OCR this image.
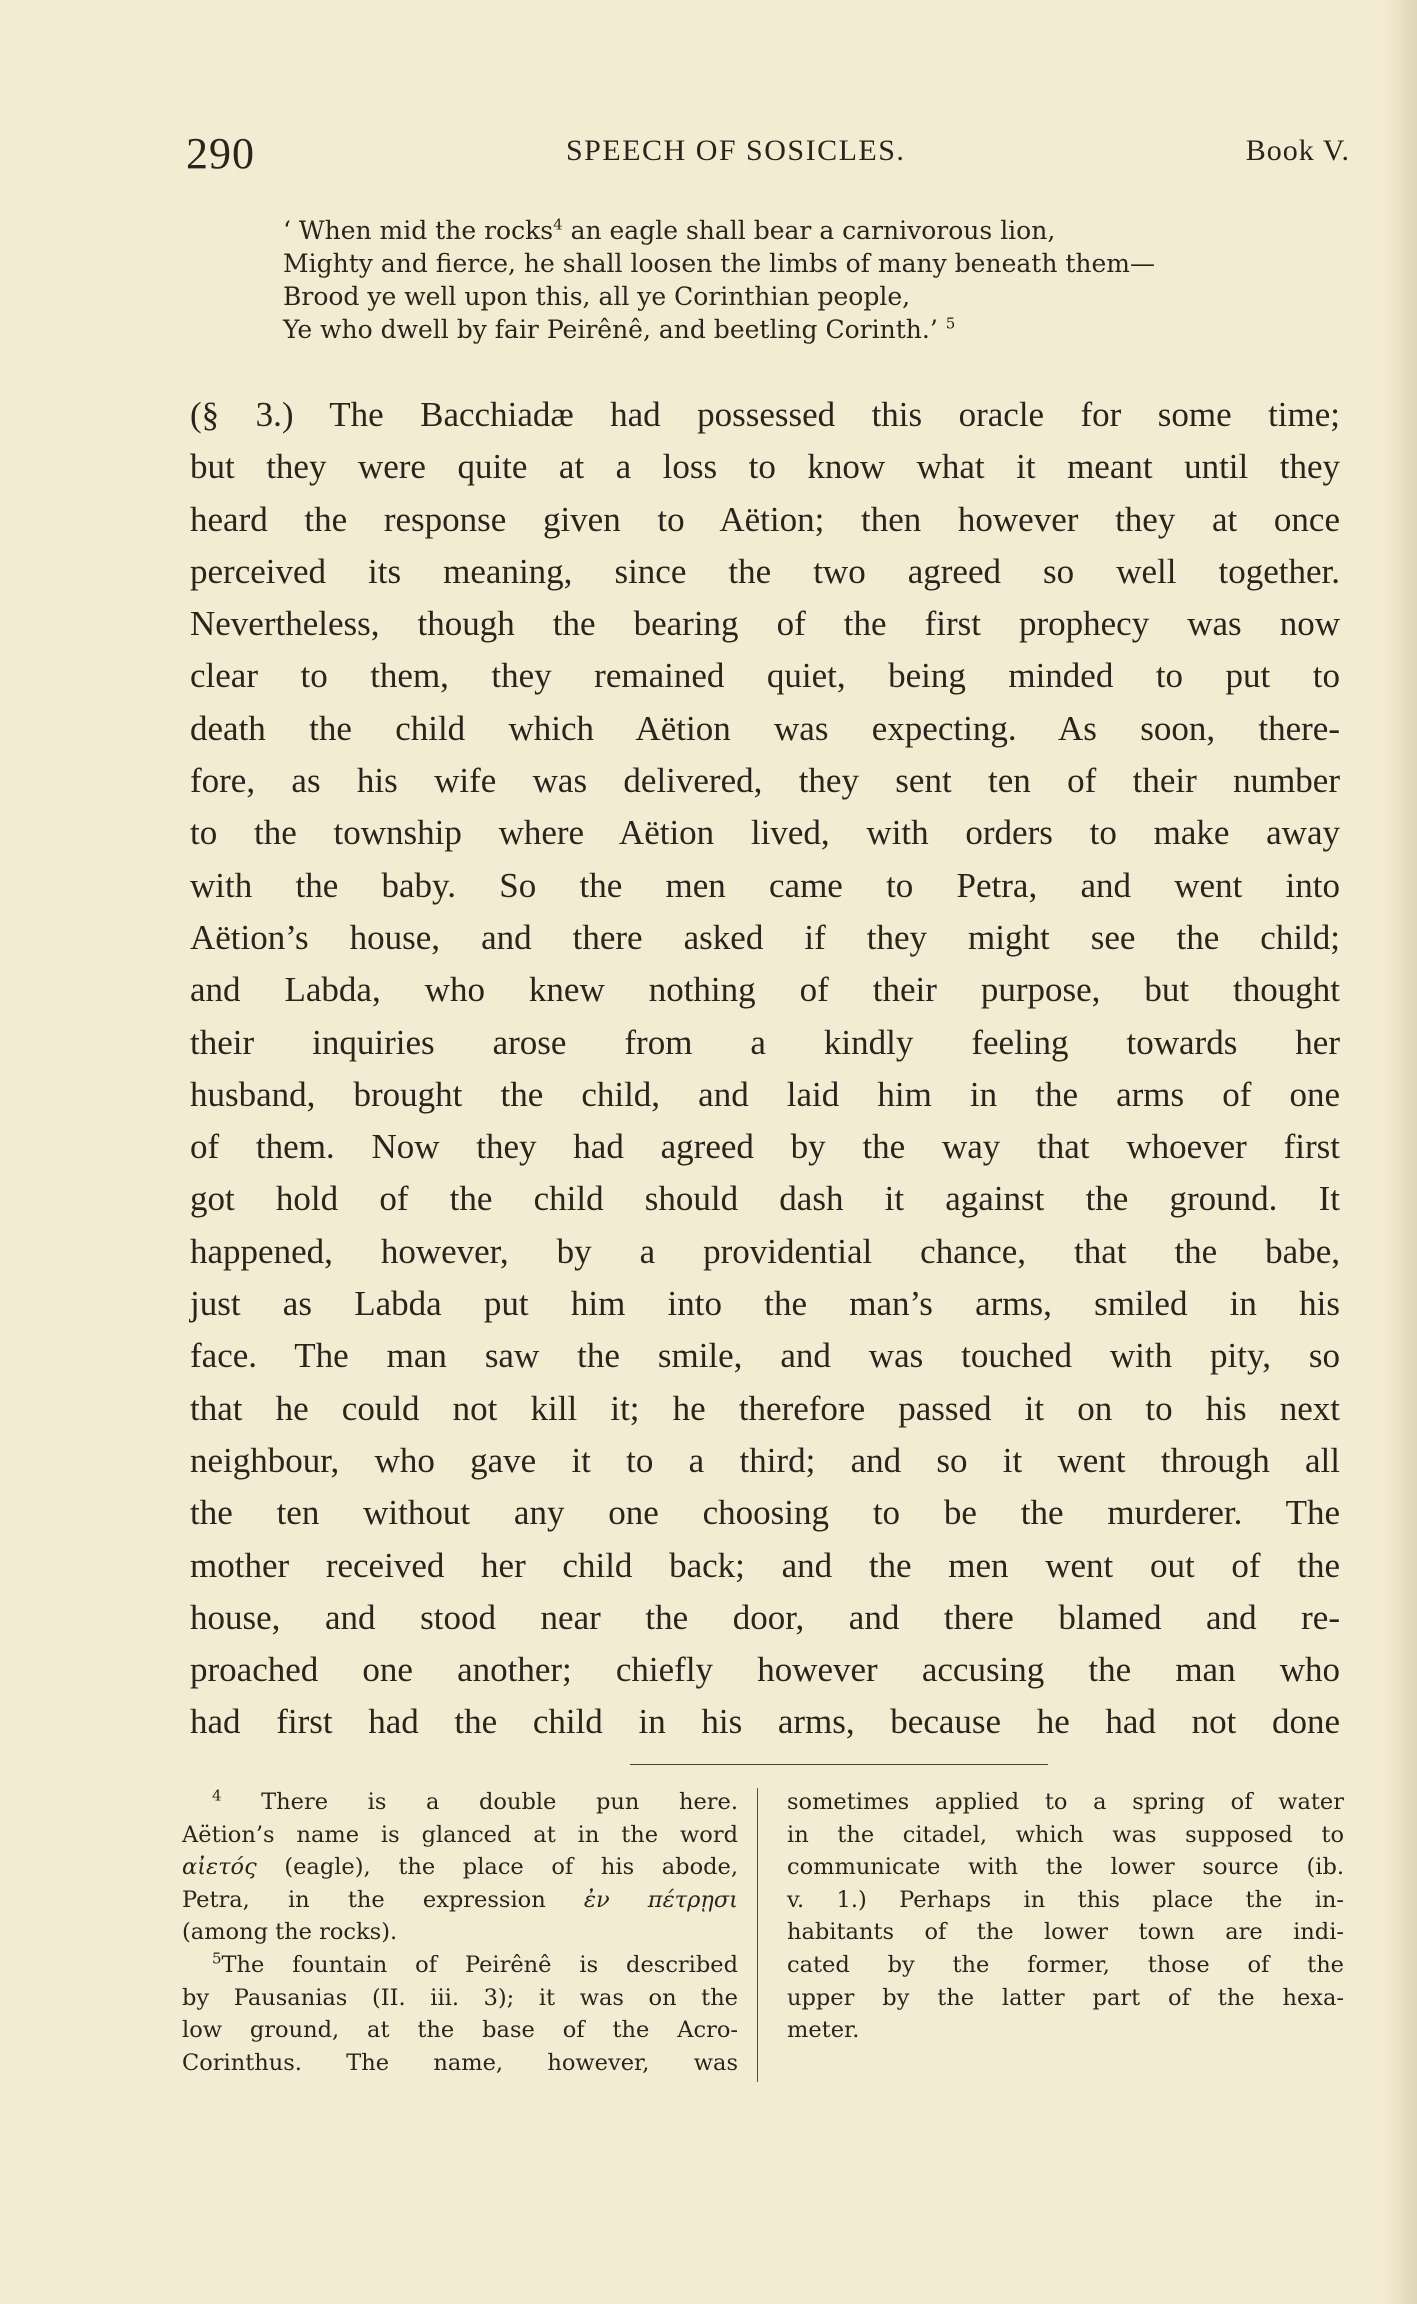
290	SPEECH OF SOSICLES.	Book V.
‘ When mid the rocks$^4$ an eagle shall bear a carnivorous lion,
Mighty and fierce, he shall loosen the limbs of many beneath them—
Brood ye well upon this, all ye Corinthian people,
Ye who dwell by fair Peirênê, and beetling Corinth.’ $^5$
(§ 3.) The Bacchiadæ had possessed this oracle for some time;
but they were quite at a loss to know what it meant until they
heard the response given to Aëtion; then however they at once
perceived its meaning, since the two agreed so well together.
Nevertheless, though the bearing of the first prophecy was now
clear to them, they remained quiet, being minded to put to
death the child which Aëtion was expecting. As soon, there-
fore, as his wife was delivered, they sent ten of their number
to the township where Aëtion lived, with orders to make away
with the baby. So the men came to Petra, and went into
Aëtion’s house, and there asked if they might see the child;
and Labda, who knew nothing of their purpose, but thought
their inquiries arose from a kindly feeling towards her
husband, brought the child, and laid him in the arms of one
of them. Now they had agreed by the way that whoever first
got hold of the child should dash it against the ground. It
happened, however, by a providential chance, that the babe,
just as Labda put him into the man’s arms, smiled in his
face. The man saw the smile, and was touched with pity, so
that he could not kill it; he therefore passed it on to his next
neighbour, who gave it to a third; and so it went through all
the ten without any one choosing to be the murderer. The
mother received her child back; and the men went out of the
house, and stood near the door, and there blamed and re-
proached one another; chiefly however accusing the man who
had first had the child in his arms, because he had not done
$^4$ There is a double pun here.
Aëtion’s name is glanced at in the word
αἰετός (eagle), the place of his abode,
Petra, in the expression ἐν πέτρῃσι
(among the rocks).
$^5$The fountain of Peirênê is described
by Pausanias (II. iii. 3); it was on the
low ground, at the base of the Acro-
Corinthus. The name, however, was
sometimes applied to a spring of water
in the citadel, which was supposed to
communicate with the lower source (ib.
v. 1.) Perhaps in this place the in-
habitants of the lower town are indi-
cated by the former, those of the
upper by the latter part of the hexa-
meter.
